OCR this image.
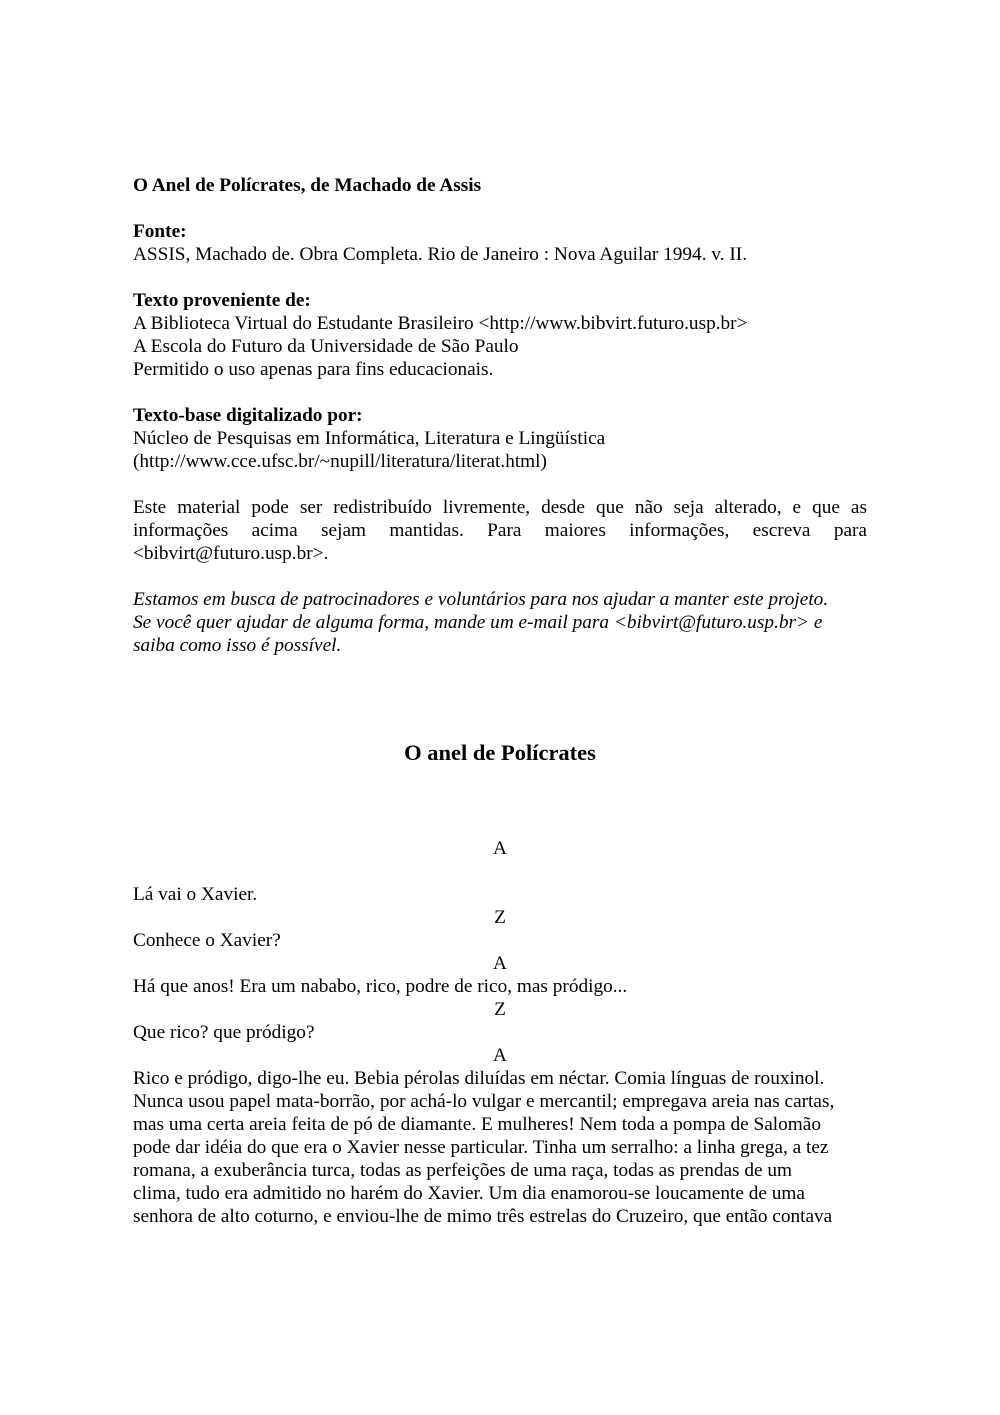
O Anel de Polícrates, de Machado de Assis
Fonte:
ASSIS, Machado de. Obra Completa. Rio de Janeiro : Nova Aguilar 1994. v. II.
Texto proveniente de:
A Biblioteca Virtual do Estudante Brasileiro <http://www.bibvirt.futuro.usp.br>
A Escola do Futuro da Universidade de São Paulo
Permitido o uso apenas para fins educacionais.
Texto-base digitalizado por:
Núcleo de Pesquisas em Informática, Literatura e Lingüística
(http://www.cce.ufsc.br/~nupill/literatura/literat.html)
Este material pode ser redistribuído livremente, desde que não seja alterado, e que as
informações acima sejam mantidas. Para maiores informações, escreva para
<bibvirt@futuro.usp.br>.
Estamos em busca de patrocinadores e voluntários para nos ajudar a manter este projeto.
Se você quer ajudar de alguma forma, mande um e-mail para <bibvirt@futuro.usp.br> e
saiba como isso é possível.
O anel de Polícrates
A
Lá vai o Xavier.
Z
Conhece o Xavier?
A
Há que anos! Era um nababo, rico, podre de rico, mas pródigo...
Z
Que rico? que pródigo?
A
Rico e pródigo, digo-lhe eu. Bebia pérolas diluídas em néctar. Comia línguas de rouxinol.
Nunca usou papel mata-borrão, por achá-lo vulgar e mercantil; empregava areia nas cartas,
mas uma certa areia feita de pó de diamante. E mulheres! Nem toda a pompa de Salomão
pode dar idéia do que era o Xavier nesse particular. Tinha um serralho: a linha grega, a tez
romana, a exuberância turca, todas as perfeições de uma raça, todas as prendas de um
clima, tudo era admitido no harém do Xavier. Um dia enamorou-se loucamente de uma
senhora de alto coturno, e enviou-lhe de mimo três estrelas do Cruzeiro, que então contava
